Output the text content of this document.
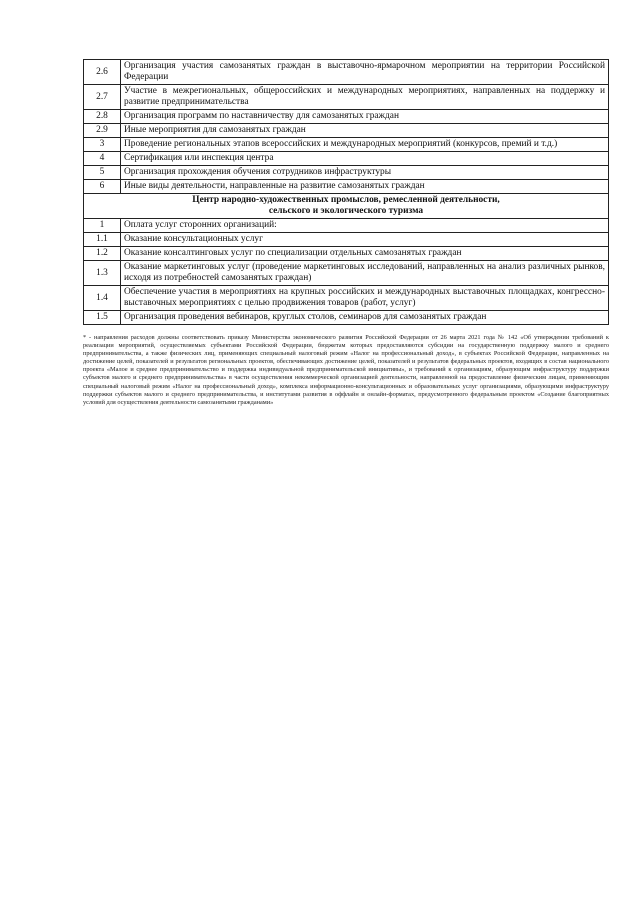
2.6	Организация участия самозанятых граждан в выставочно-ярмарочном мероприятии на территории Российской Федерации
2.7	Участие в межрегиональных, общероссийских и международных мероприятиях, направленных на поддержку и развитие предпринимательства
2.8	Организация программ по наставничеству для самозанятых граждан
2.9	Иные мероприятия для самозанятых граждан
3	Проведение региональных этапов всероссийских и международных мероприятий (конкурсов, премий и т.д.)
4	Сертификация или инспекция центра
5	Организация прохождения обучения сотрудников инфраструктуры
6	Иные виды деятельности, направленные на развитие самозанятых граждан

Центр народно-художественных промыслов, ремесленной деятельности,
сельского и экологического туризма	

1	Оплата услуг сторонних организаций:
1.1	Оказание консультационных услуг
1.2	Оказание консалтинговых услуг по специализации отдельных самозанятых граждан
1.3	Оказание маркетинговых услуг (проведение маркетинговых исследований, направленных на анализ различных рынков, исходя из потребностей самозанятых граждан)
1.4	Обеспечение участия в мероприятиях на крупных российских и международных выставочных площадках, конгрессно-выставочных мероприятиях с целью продвижения товаров (работ, услуг)
1.5	Организация проведения вебинаров, круглых столов, семинаров для самозанятых граждан
* - направления расходов должны соответствовать приказу Министерства экономического развития Российской Федерации от 26 марта 2021 года № 142 «Об утверждении требований к реализации мероприятий, осуществляемых субъектами Российской Федерации, бюджетам которых предоставляются субсидии на государственную поддержку малого и среднего предпринимательства, а также физических лиц, применяющих специальный налоговый режим «Налог на профессиональный доход», в субъектах Российской Федерации, направленных на достижение целей, показателей и результатов региональных проектов, обеспечивающих достижение целей, показателей и результатов федеральных проектов, входящих в состав национального проекта «Малое и среднее предпринимательство и поддержка индивидуальной предпринимательской инициативы», и требований к организациям, образующим инфраструктуру поддержки субъектов малого и среднего предпринимательства» в части осуществления некоммерческой организацией деятельности, направленной на предоставление физическим лицам, применяющим специальный налоговый режим «Налог на профессиональный доход», комплекса информационно-консультационных и образовательных услуг организациями, образующими инфраструктуру поддержки субъектов малого и среднего предпринимательства, и институтами развития в оффлайн и онлайн-форматах, предусмотренного федеральным проектом «Создание благоприятных условий для осуществления деятельности самозанятыми гражданами»
